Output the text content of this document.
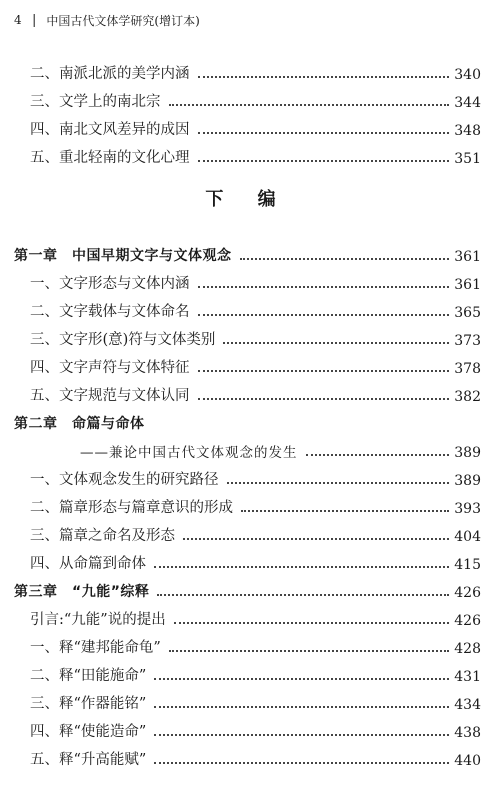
4 | 中国古代文体学研究(增订本)
二、南派北派的美学内涵	340
三、文学上的南北宗	344
四、南北文风差异的成因	348
五、重北轻南的文化心理	351
下 编
第一章　中国早期文字与文体观念	361
一、文字形态与文体内涵	361
二、文字载体与文体命名	365
三、文字形(意)符与文体类别	373
四、文字声符与文体特征	378
五、文字规范与文体认同	382
第二章　命篇与命体
——兼论中国古代文体观念的发生	389
一、文体观念发生的研究路径	389
二、篇章形态与篇章意识的形成	393
三、篇章之命名及形态	404
四、从命篇到命体	415
第三章　“九能”综释	426
引言:“九能”说的提出	426
一、释“建邦能命龟”	428
二、释“田能施命”	431
三、释“作器能铭”	434
四、释“使能造命”	438
五、释“升高能赋”	440
